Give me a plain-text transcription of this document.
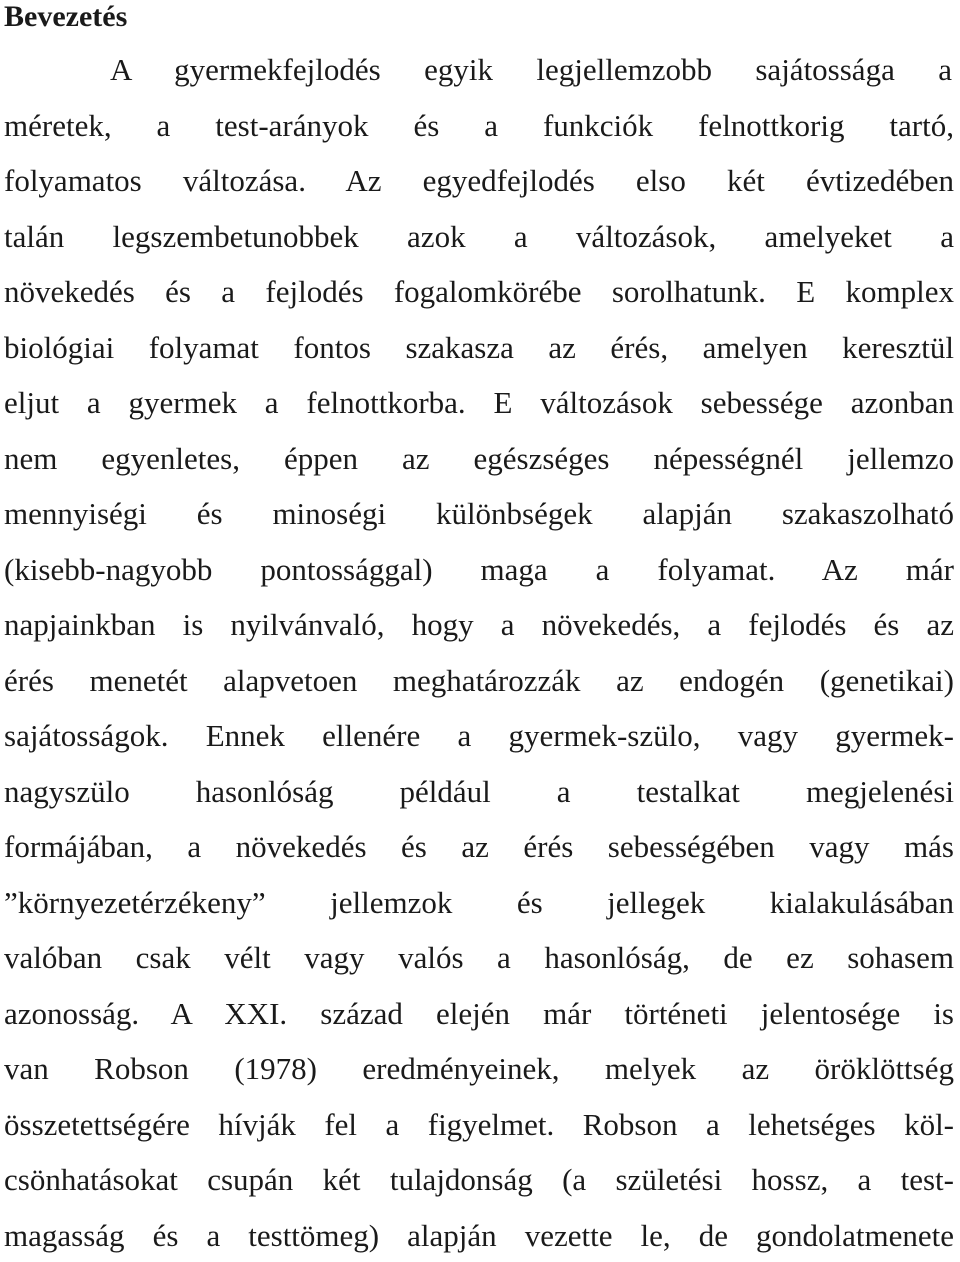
Bevezetés
A gyermekfejlodés egyik legjellemzobb sajátossága a
méretek, a test-arányok és a funkciók felnottkorig tartó,
folyamatos változása. Az egyedfejlodés elso két évtizedében
talán legszembetunobbek azok a változások, amelyeket a
növekedés és a fejlodés fogalomkörébe sorolhatunk. E komplex
biológiai folyamat fontos szakasza az érés, amelyen keresztül
eljut a gyermek a felnottkorba. E változások sebessége azonban
nem egyenletes, éppen az egészséges népességnél jellemzo
mennyiségi és minoségi különbségek alapján szakaszolható
(kisebb-nagyobb pontossággal) maga a folyamat. Az már
napjainkban is nyilvánvaló, hogy a növekedés, a fejlodés és az
érés menetét alapvetoen meghatározzák az endogén (genetikai)
sajátosságok. Ennek ellenére a gyermek-szülo, vagy gyermek-
nagyszülo hasonlóság például a testalkat megjelenési
formájában, a növekedés és az érés sebességében vagy más
”környezetérzékeny” jellemzok és jellegek kialakulásában
valóban csak vélt vagy valós a hasonlóság, de ez sohasem
azonosság. A XXI. század elején már történeti jelentosége is
van Robson (1978) eredményeinek, melyek az öröklöttség
összetettségére hívják fel a figyelmet. Robson a lehetséges köl-
csönhatásokat csupán két tulajdonság (a születési hossz, a test-
magasság és a testtömeg) alapján vezette le, de gondolatmenete
